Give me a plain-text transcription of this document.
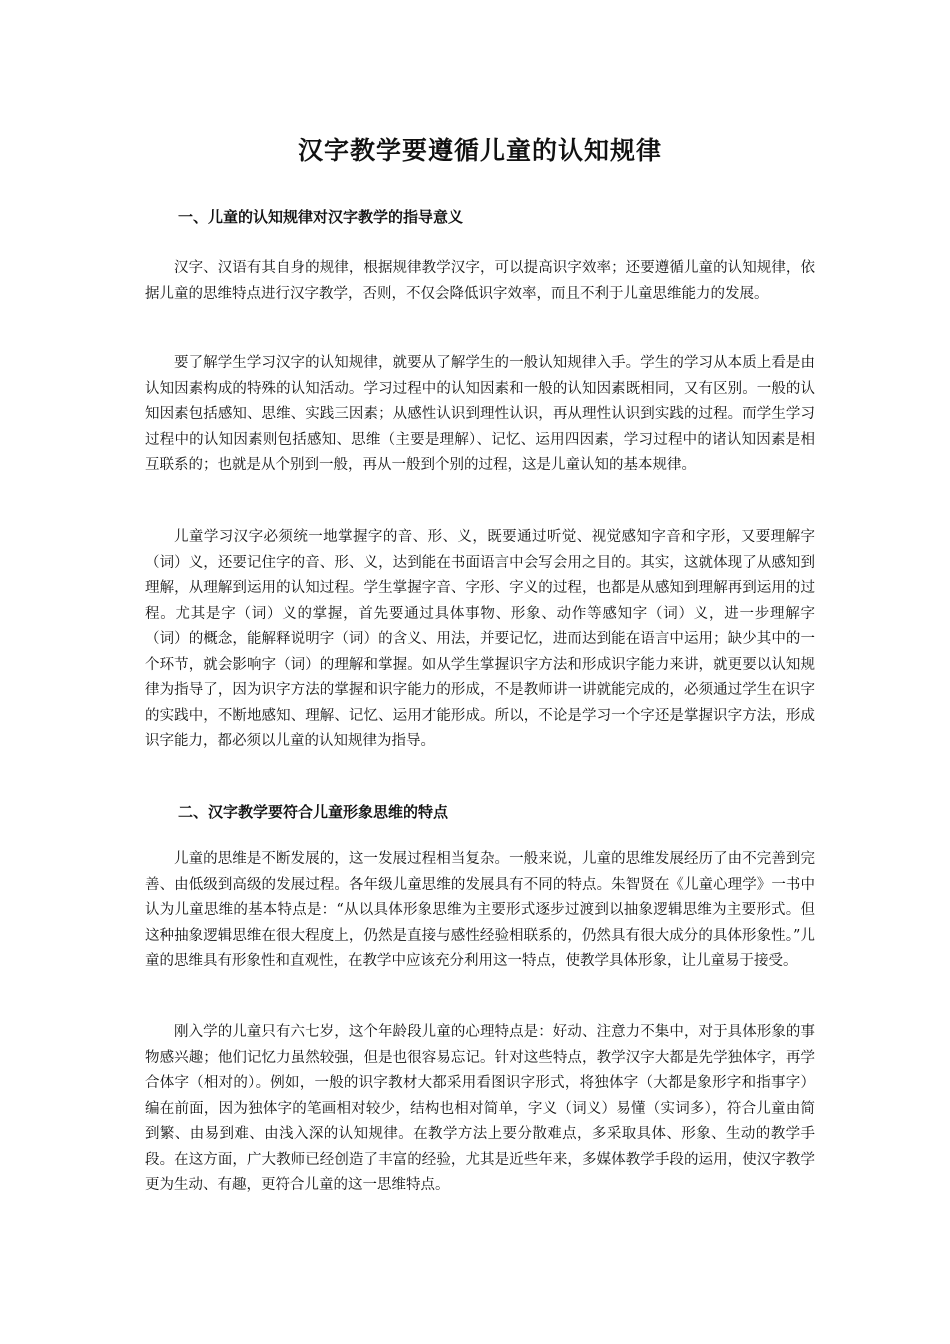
汉字教学要遵循儿童的认知规律
一、儿童的认知规律对汉字教学的指导意义

汉字、汉语有其自身的规律，根据规律教学汉字，可以提高识字效率；还要遵循儿童的认知规律，依据儿童的思维特点进行汉字教学，否则，不仅会降低识字效率，而且不利于儿童思维能力的发展。

要了解学生学习汉字的认知规律，就要从了解学生的一般认知规律入手。学生的学习从本质上看是由认知因素构成的特殊的认知活动。学习过程中的认知因素和一般的认知因素既相同，又有区别。一般的认知因素包括感知、思维、实践三因素；从感性认识到理性认识，再从理性认识到实践的过程。而学生学习过程中的认知因素则包括感知、思维（主要是理解）、记忆、运用四因素，学习过程中的诸认知因素是相互联系的；也就是从个别到一般，再从一般到个别的过程，这是儿童认知的基本规律。

儿童学习汉字必须统一地掌握字的音、形、义，既要通过听觉、视觉感知字音和字形，又要理解字（词）义，还要记住字的音、形、义，达到能在书面语言中会写会用之目的。其实，这就体现了从感知到理解，从理解到运用的认知过程。学生掌握字音、字形、字义的过程，也都是从感知到理解再到运用的过程。尤其是字（词）义的掌握，首先要通过具体事物、形象、动作等感知字（词）义，进一步理解字（词）的概念，能解释说明字（词）的含义、用法，并要记忆，进而达到能在语言中运用；缺少其中的一个环节，就会影响字（词）的理解和掌握。如从学生掌握识字方法和形成识字能力来讲，就更要以认知规律为指导了，因为识字方法的掌握和识字能力的形成，不是教师讲一讲就能完成的，必须通过学生在识字的实践中，不断地感知、理解、记忆、运用才能形成。所以，不论是学习一个字还是掌握识字方法，形成识字能力，都必须以儿童的认知规律为指导。

二、汉字教学要符合儿童形象思维的特点

儿童的思维是不断发展的，这一发展过程相当复杂。一般来说，儿童的思维发展经历了由不完善到完善、由低级到高级的发展过程。各年级儿童思维的发展具有不同的特点。朱智贤在《儿童心理学》一书中认为儿童思维的基本特点是：“从以具体形象思维为主要形式逐步过渡到以抽象逻辑思维为主要形式。但这种抽象逻辑思维在很大程度上，仍然是直接与感性经验相联系的，仍然具有很大成分的具体形象性。”儿童的思维具有形象性和直观性，在教学中应该充分利用这一特点，使教学具体形象，让儿童易于接受。

刚入学的儿童只有六七岁，这个年龄段儿童的心理特点是：好动、注意力不集中，对于具体形象的事物感兴趣；他们记忆力虽然较强，但是也很容易忘记。针对这些特点，教学汉字大都是先学独体字，再学合体字（相对的）。例如，一般的识字教材大都采用看图识字形式，将独体字（大都是象形字和指事字）编在前面，因为独体字的笔画相对较少，结构也相对简单，字义（词义）易懂（实词多），符合儿童由简到繁、由易到难、由浅入深的认知规律。在教学方法上要分散难点，多采取具体、形象、生动的教学手段。在这方面，广大教师已经创造了丰富的经验，尤其是近些年来，多媒体教学手段的运用，使汉字教学更为生动、有趣，更符合儿童的这一思维特点。
